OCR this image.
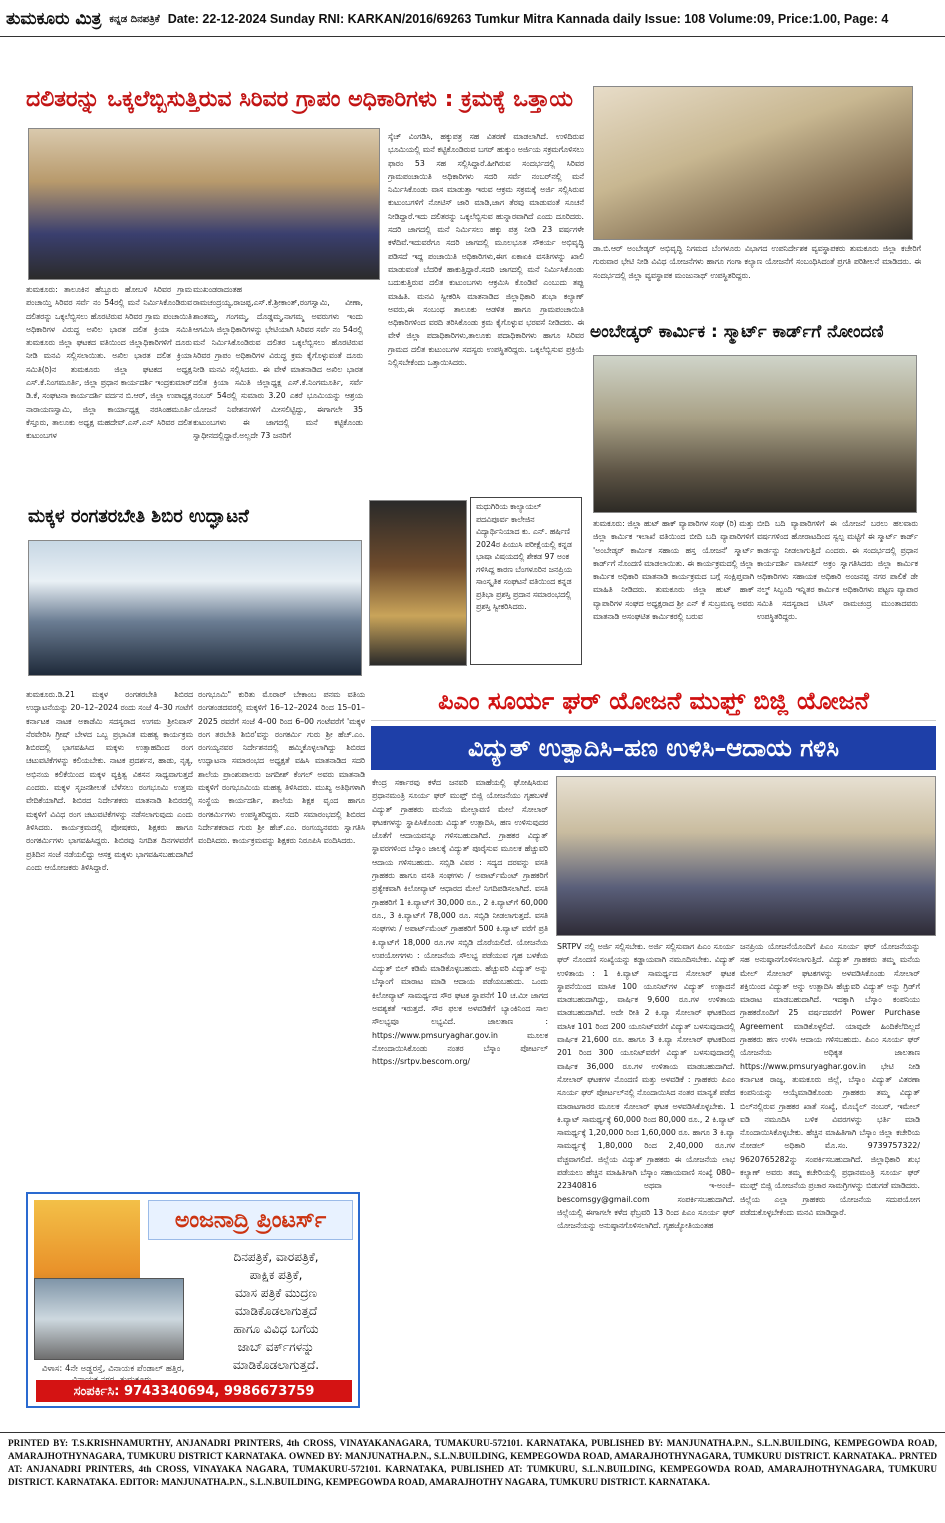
ತುಮಕೂರು ಮಿತ್ರ ಕನ್ನಡ ದಿನಪತ್ರಿಕೆ Date: 22-12-2024 Sunday RNI: KARKAN/2016/69263 Tumkur Mitra Kannada daily Issue: 108 Volume:09, Price:1.00, Page: 4
ದಲಿತರನ್ನು ಒಕ್ಕಲೆಬ್ಬಿಸುತ್ತಿರುವ ಸಿರಿವರ ಗ್ರಾಪಂ ಅಧಿಕಾರಿಗಳು : ಕ್ರಮಕ್ಕೆ ಒತ್ತಾಯ
ತುಮಕೂರು: ತಾಲೂಕಿನ ಹೆಬ್ಬೂರು ಹೋಬಳಿ ಸಿರಿವರ ಗ್ರಾಮ ಪಂಚಾಯ್ತಿ ಸಿರಿವರ ಸರ್ವೆ ನಂ 54ರಲ್ಲಿ ಮನೆ ನಿರ್ಮಿಸಿಕೊಂಡಿರುವ ದಲಿತರನ್ನು ಒಕ್ಕಲೆಬ್ಬಿಸಲು ಹೊರಟಿರುವ ಸಿರಿವರ ಗ್ರಾಮ ಪಂಚಾಯಿತಿ ಅಧಿಕಾರಿಗಳ ವಿರುದ್ಧ ಅಖಿಲ ಭಾರತ ದಲಿತ ಕ್ರಿಯಾ ಸಮಿತಿ ತುಮಕೂರು ಜಿಲ್ಲಾ ಘಟಕದ ವತಿಯಿಂದ ಜಿಲ್ಲಾಧಿಕಾರಿಗಳಿಗೆ ದೂರು ನೀಡಿ ಮನವಿ ಸಲ್ಲಿಸಲಾಯಿತು. ಅಖಿಲ ಭಾರತ ದಲಿತ ಕ್ರಿಯಾ ಸಮಿತಿ(ರಿ)ನ ತುಮಕೂರು ಜಿಲ್ಲಾ ಘಟಕದ ಅಧ್ಯಕ್ಷ ಎಸ್.ಕೆ.ನಿಂಗಮೂರ್ತಿ, ಜಿಲ್ಲಾ ಪ್ರಧಾನ ಕಾರ್ಯದರ್ಶಿ ಇಂದ್ರಕುಮಾರ್ ಡಿ.ಕೆ, ಸಂಘಟನಾ ಕಾರ್ಯದರ್ಶಿ ವರ್ದನ ಬಿ.ಆರ್, ಜಿಲ್ಲಾ ಉಪಾಧ್ಯಕ್ಷ ನಾರಾಯಣಸ್ವಾಮಿ, ಜಿಲ್ಲಾ ಕಾರ್ಯಾಧ್ಯಕ್ಷ ನರಸಿಂಹಮೂರ್ತಿ ಕೆಸ್ತೂರು, ತಾಲೂಕು ಅಧ್ಯಕ್ಷ ಮಹದೇವ್.ಎಸ್.ಎನ್ ಸಿರಿವರ ದಲಿತ ಕುಟುಂಬಗಳ
ಮುಖಂಡರಾದಂತಹ ರಾಮಚಂದ್ರಯ್ಯ,ರಾಜಪ್ಪ,ಎಸ್.ಕೆ.ಶ್ರೀಕಾಂತ್,ರಂಗಸ್ವಾಮಿ, ವೀಣಾ, ಶಾಂತಮ್ಮ, ಗಂಗಮ್ಮ, ದೊಡ್ಡಮ್ಮ,ನಾಗಮ್ಮ ಅವರುಗಳು ಇಂದು ಆಗಮಿಸಿ ಜಿಲ್ಲಾಧಿಕಾರಿಗಳನ್ನು ಭೇಟಿಯಾಗಿ ಸಿರಿವರ ಸರ್ವೆ ನಂ 54ರಲ್ಲಿ ಮನೆ ನಿರ್ಮಿಸಿಕೊಂಡಿರುವ ದಲಿತರ ಒಕ್ಕಲೆಬ್ಬಿಸಲು ಹೊರಟಿರುವ ಸಿರಿವರ ಗ್ರಾಪಂ ಅಧಿಕಾರಿಗಳ ವಿರುದ್ಧ ಕ್ರಮ ಕೈಗೊಳ್ಳುವಂತೆ ದೂರು ನೀಡಿ ಮನವಿ ಸಲ್ಲಿಸಿದರು. ಈ ವೇಳೆ ಮಾತನಾಡಿದ ಅಖಿಲ ಭಾರತ ದಲಿತ ಕ್ರಿಯಾ ಸಮಿತಿ ಜಿಲ್ಲಾಧ್ಯಕ್ಷ ಎಸ್.ಕೆ.ನಿಂಗಮೂರ್ತಿ, ಸರ್ವೆ ನಂಬರ್ 54ರಲ್ಲಿ ಸುಮಾರು 3.20 ಎಕರೆ ಭೂಮಿಯನ್ನು ಆಶ್ರಯ ಯೋಜನೆ ನಿವೇಶನಗಳಿಗೆ ಮೀಸಲಿಟ್ಟಿದ್ದು, ಈಗಾಗಲೇ 35 ಕುಟುಂಬಗಳು ಈ ಜಾಗದಲ್ಲಿ ಮನೆ ಕಟ್ಟಿಕೊಂಡು ಸ್ವಾಧೀನದಲ್ಲಿದ್ದಾರೆ.ಅಲ್ಲದೇ 73 ಜನರಿಗೆ
ಸ್ಕೆಚ್ ವಿಂಗಡಿಸಿ, ಹಕ್ಕುಪತ್ರ ಸಹ ವಿತರಣೆ ಮಾಡಲಾಗಿದೆ. ಉಳಿದಿರುವ ಭೂಮಿಯಲ್ಲಿ ಮನೆ ಕಟ್ಟಿಕೊಂಡಿರುವ ಬಗರ್ ಹುಕ್ಕುಂ ಅರ್ಜಿಯ ಸಕ್ರಮಗೊಳಿಸಲು ಫಾರಂ 53 ಸಹ ಸಲ್ಲಿಸಿದ್ದಾರೆ.ಹೀಗಿರುವ ಸಂದರ್ಭದಲ್ಲಿ ಸಿರಿವರ ಗ್ರಾಮಪಂಚಾಯಿತಿ ಅಧಿಕಾರಿಗಳು ಸದರಿ ಸರ್ವೆ ನಂಬರ್‌ನಲ್ಲಿ ಮನೆ ನಿರ್ಮಿಸಿಕೊಂಡು ವಾಸ ಮಾಡುತ್ತಾ ಇರುವ ಆಕ್ರಮ ಸಕ್ರಮಕ್ಕೆ ಅರ್ಜಿ ಸಲ್ಲಿಸಿರುವ ಕುಟುಂಬಗಳಿಗೆ ನೋಟಿಸ್ ಜಾರಿ ಮಾಡಿ,ಜಾಗ ತೆರವು ಮಾಡುವಂತೆ ಸೂಚನೆ ನೀಡಿದ್ದಾರೆ.ಇದು ದಲಿತರನ್ನು ಒಕ್ಕಲೆಬ್ಬಿಸುವ ಹುನ್ನಾರವಾಗಿದೆ ಎಂದು ದೂರಿದರು. ಸದರಿ ಜಾಗದಲ್ಲಿ ಮನೆ ನಿರ್ಮಿಸಲು ಹಕ್ಕು ಪತ್ರ ನೀಡಿ 23 ವರ್ಷಗಳೇ ಕಳೆದಿವೆ.ಇದುವರೆಗೂ ಸದರಿ ಜಾಗದಲ್ಲಿ ಮೂಲಭೂತ ಸೌಕರ್ಯ ಅಭಿವೃದ್ಧಿ ಪಡಿಸದೆ ಇದ್ದ ಪಂಚಾಯಿತಿ ಅಧಿಕಾರಿಗಳು,ಈಗ ಏಕಾಏಕಿ ವಸತಿಗಳನ್ನು ಖಾಲಿ ಮಾಡುವಂತೆ ಬೆದರಿಕೆ ಹಾಕುತ್ತಿದ್ದಾರೆ.ಸದರಿ ಜಾಗದಲ್ಲಿ ಮನೆ ನಿರ್ಮಿಸಿಕೊಂಡು ಬದುಕುತ್ತಿರುವ ದಲಿತ ಕುಟುಂಬಗಳು ಆಕ್ರಮಿಸಿ ಕೊಂಡಿವೆ ಎಂಬುದು ತಪ್ಪು ಮಾಹಿತಿ. ಮನವಿ ಸ್ವೀಕರಿಸಿ ಮಾತನಾಡಿದ ಜಿಲ್ಲಾಧಿಕಾರಿ ಶುಭಾ ಕಲ್ಯಾಣ್ ಅವರು,ಈ ಸಂಬಂಧ ತಾಲೂಕು ಆಡಳಿತ ಹಾಗೂ ಗ್ರಾಮಪಂಚಾಯಿತಿ ಅಧಿಕಾರಿಗಳಿಂದ ವರದಿ ತರಿಸಿಕೊಂಡು ಕ್ರಮ ಕೈಗೊಳ್ಳುವ ಭರವಸೆ ನೀಡಿದರು. ಈ ವೇಳೆ ಜಿಲ್ಲಾ ಪದಾಧಿಕಾರಿಗಳು,ತಾಲೂಕು ಪದಾಧಿಕಾರಿಗಳು ಹಾಗೂ ಸಿರಿವರ ಗ್ರಾಮದ ದಲಿತ ಕುಟುಂಬಗಳ ಸದಸ್ಯರು ಉಪಸ್ಥಿತರಿದ್ದರು. ಒಕ್ಕಲೆಬ್ಬಿಸುವ ಪ್ರಕ್ರಿಯೆ ನಿಲ್ಲಿಸಬೇಕೆಂದು ಒತ್ತಾಯಿಸಿದರು.
ಡಾ.ಬಿ.ಆರ್ ಅಂಬೇಡ್ಕರ್ ಅಭಿವೃದ್ಧಿ ನಿಗಮದ ಬೆಂಗಳೂರು ವಿಭಾಗದ ಉಪನಿರ್ದೇಶಕ ವ್ಯವಸ್ಥಾಪಕರು ತುಮಕೂರು ಜಿಲ್ಲಾ ಕಚೇರಿಗೆ ಗುರುವಾರ ಭೇಟಿ ನೀಡಿ ವಿವಿಧ ಯೋಜನೆಗಳು ಹಾಗೂ ಗಂಗಾ ಕಲ್ಯಾಣ ಯೋಜನೆಗೆ ಸಂಬಂಧಿಸಿದಂತೆ ಪ್ರಗತಿ ಪರಿಶೀಲನೆ ಮಾಡಿದರು. ಈ ಸಂದರ್ಭದಲ್ಲಿ ಜಿಲ್ಲಾ ವ್ಯವಸ್ಥಾಪಕ ಮಂಜುನಾಥ್ ಉಪಸ್ಥಿತರಿದ್ದರು.
ಅಂಬೇಡ್ಕರ್ ಕಾರ್ಮಿಕ : ಸ್ಮಾರ್ಟ್ ಕಾರ್ಡ್‌ಗೆ ನೋಂದಣಿ
ತುಮಕೂರು: ಜಿಲ್ಲಾ ಹುಟ್ ಹಾಕ್ ವ್ಯಾಪಾರಿಗಳ ಸಂಘ (ರಿ) ಮತ್ತು ಜಿಲ್ಲಾ ಕಾರ್ಮಿಕ ಇಲಾಖೆ ವತಿಯಿಂದ ಬೀದಿ ಬದಿ ವ್ಯಾಪಾರಿಗಳಿಗೆ 'ಅಂಬೇಡ್ಕರ್ ಕಾರ್ಮಿಕ ಸಹಾಯ ಹಸ್ತ ಯೋಜನೆ' ಸ್ಮಾರ್ಟ್ ಕಾರ್ಡ್‌ಗೆ ನೊಂದಣಿ ಮಾಡಲಾಯಿತು. ಈ ಕಾರ್ಯಕ್ರಮದಲ್ಲಿ ಜಿಲ್ಲಾ ಕಾರ್ಮಿಕ ಅಧಿಕಾರಿ ಮಾತನಾಡಿ ಕಾರ್ಯಕ್ರಮದ ಬಗ್ಗೆ ಸಂಕ್ಷಿಪ್ತವಾಗಿ ಮಾಹಿತಿ ನೀಡಿದರು. ತುಮಕೂರು ಜಿಲ್ಲಾ ಹುಟ್ ಹಾಕ್ ವ್ಯಾಪಾರಿಗಳ ಸಂಘದ ಅಧ್ಯಕ್ಷರಾದ ಶ್ರೀ ಎನ್ ಕೆ ಸುಬ್ರಮಣ್ಯ ಅವರು ಮಾತನಾಡಿ ಅಸಂಘಟಿತ ಕಾರ್ಮಿಕರಲ್ಲಿ ಬರುವ
ಬೀದಿ ಬದಿ ವ್ಯಾಪಾರಿಗಳಿಗೆ ಈ ಯೋಜನೆ ಬರಲು ಹಲವಾರು ವರ್ಷಗಳಿಂದ ಹೋರಾಟದಿಂದ ಸ್ವಲ್ಪ ಮಟ್ಟಿಗೆ ಈ ಸ್ಮಾರ್ಟ್ ಕಾರ್ಡ್ ಕಾರ್ಡನ್ನು ನೀಡಲಾಗುತ್ತಿದೆ ಎಂದರು. ಈ ಸಂದರ್ಭದಲ್ಲಿ ಪ್ರಧಾನ ಕಾರ್ಯದರ್ಶಿ ವಾಸೀಮ್ ಅಕ್ರಂ ಸ್ವಾಗತಿಸಿದರು ಜಿಲ್ಲಾ ಕಾರ್ಮಿಕ ಅಧಿಕಾರಿಗಳು ಸಹಾಯಕ ಅಧಿಕಾರಿ ಅಂಜನಪ್ಪ ನಗರ ಪಾಲಿಕೆ ಡೇ ನಲ್ಮ್ ಸಿಬ್ಬಂದಿ ಇನ್ನಿತರ ಕಾರ್ಮಿಕ ಅಧಿಕಾರಿಗಳು ಪಟ್ಟಣ ವ್ಯಾಪಾರ ಸಮಿತಿ ಸದಸ್ಯರಾದ ಟಿಸಿಸ್ ರಾಮಚಂದ್ರ ಮುಂತಾದವರು ಉಪಸ್ಥಿತರಿದ್ದರು.
ಮಕ್ಕಳ ರಂಗತರಬೇತಿ ಶಿಬಿರ ಉದ್ಘಾಟನೆ
ತುಮಕೂರು.ಡಿ.21 ಮಕ್ಕಳ ರಂಗತರಬೇತಿ ಶಿಬಿರದ ಉದ್ಘಾಟನೆಯನ್ನು 20–12–2024 ರಂದು ಸಂಜೆ 4–30 ಗಂಟೆಗೆ ಕರ್ನಾಟಕ ನಾಟಕ ಅಕಾಡೆಮಿ ಸದಸ್ಯರಾದ ಉಗಮ ಶ್ರೀನಿವಾಸ್ ನೆರವೇರಿಸಿ ಗ್ರೀಷ್ ಬೇಳದ ಒಬ್ಬ ಪ್ರಭಾವಿತ ಮಹತ್ವ ಕಾರ್ಯಕ್ರಮ ಶಿಬಿರದಲ್ಲಿ ಭಾಗವಹಿಸಿದ ಮಕ್ಕಳು ಉತ್ಸಾಹದಿಂದ ರಂಗ ಚಟುವಟಿಕೆಗಳನ್ನು ಕಲಿಯಬೇಕು. ನಾಟಕ ಪ್ರದರ್ಶನ, ಹಾಡು, ನೃತ್ಯ, ಅಭಿನಯ ಕಲಿಕೆಯಿಂದ ಮಕ್ಕಳ ವ್ಯಕ್ತಿತ್ವ ವಿಕಸನ ಸಾಧ್ಯವಾಗುತ್ತದೆ ಎಂದರು. ಮಕ್ಕಳ ಸೃಜನಶೀಲತೆ ಬೆಳೆಸಲು ರಂಗಭೂಮಿ ಉತ್ತಮ ವೇದಿಕೆಯಾಗಿದೆ. ಶಿಬಿರದ ನಿರ್ದೇಶಕರು ಮಾತನಾಡಿ ಶಿಬಿರದಲ್ಲಿ ಮಕ್ಕಳಿಗೆ ವಿವಿಧ ರಂಗ ಚಟುವಟಿಕೆಗಳನ್ನು ನಡೆಸಲಾಗುವುದು ಎಂದು ತಿಳಿಸಿದರು. ಕಾರ್ಯಕ್ರಮದಲ್ಲಿ ಪೋಷಕರು, ಶಿಕ್ಷಕರು ಹಾಗೂ ರಂಗಕರ್ಮಿಗಳು ಭಾಗವಹಿಸಿದ್ದರು. ಶಿಬಿರವು ನಿಗದಿತ ದಿನಗಳವರೆಗೆ ಪ್ರತಿದಿನ ಸಂಜೆ ನಡೆಯಲಿದ್ದು ಆಸಕ್ತ ಮಕ್ಕಳು ಭಾಗವಹಿಸಬಹುದಾಗಿದೆ ಎಂದು ಆಯೋಜಕರು ತಿಳಿಸಿದ್ದಾರೆ.
ರಂಗಭೂಮಿ" ಕುರಿತು ಮೊರಾರ್ ಬೇಕಾಂಬ ಪನಮ ವತಿಯ ರಂಗತಂಡದವರಲ್ಲಿ ಮಕ್ಕಳಿಗೆ 16–12–2024 ರಿಂದ 15–01–2025 ರವರೆಗೆ ಸಂಜೆ 4–00 ರಿಂದ 6–00 ಗಂಟೆವರೆಗೆ 'ಮಕ್ಕಳ ರಂಗ ತರಬೇತಿ ಶಿಬಿರ'ವನ್ನು ರಂಗಕರ್ಮಿ ಗುರು ಶ್ರೀ ಹೆಚ್.ಎಂ. ರಂಗಯ್ಯನವರ ನಿರ್ದೇಶನದಲ್ಲಿ ಹಮ್ಮಿಕೊಳ್ಳಲಾಗಿದ್ದು ಶಿಬಿರದ ಉದ್ಘಾಟನಾ ಸಮಾರಂಭದ ಅಧ್ಯಕ್ಷತೆ ವಹಿಸಿ ಮಾತನಾಡಿದ ಸದರಿ ಶಾಲೆಯ ಪ್ರಾಂಶುಪಾಲರು ಜಗದೀಶ್ ಕೆಂಗಲ್ ಅವರು ಮಾತನಾಡಿ ಮಕ್ಕಳಿಗೆ ರಂಗಭೂಮಿಯ ಮಹತ್ವ ತಿಳಿಸಿದರು. ಮುಖ್ಯ ಅತಿಥಿಗಳಾಗಿ ಸಂಸ್ಥೆಯ ಕಾರ್ಯದರ್ಶಿ, ಶಾಲೆಯ ಶಿಕ್ಷಕ ವೃಂದ ಹಾಗೂ ರಂಗಕರ್ಮಿಗಳು ಉಪಸ್ಥಿತರಿದ್ದರು. ಸದರಿ ಸಮಾರಂಭದಲ್ಲಿ ಶಿಬಿರದ ನಿರ್ದೇಶಕರಾದ ಗುರು ಶ್ರೀ ಹೆಚ್.ಎಂ. ರಂಗಯ್ಯನವರು ಸ್ವಾಗತಿಸಿ ವಂದಿಸಿದರು. ಕಾರ್ಯಕ್ರಮವನ್ನು ಶಿಕ್ಷಕರು ನಿರೂಪಿಸಿ ವಂದಿಸಿದರು.
ಮಧುಗಿರಿಯ ಕಾಲ್ಯಾಯಲ್ ಪದವಿಪೂರ್ವ ಕಾಲೇಜಿನ ವಿದ್ಯಾರ್ಥಿನಿಯಾದ ಕು. ಎನ್. ಹರ್ಷಿಣಿ 2024ರ ಪಿಯುಸಿ ಪರೀಕ್ಷೆಯಲ್ಲಿ ಕನ್ನಡ ಭಾಷಾ ವಿಷಯದಲ್ಲಿ ಶೇಕಡ 97 ಅಂಕ ಗಳಿಸಿದ್ದ ಕಾರಣ ಬೆಂಗಳೂರಿನ ಜನಪ್ರಿಯ ಸಾಂಸ್ಕೃತಿಕ ಸಂಘಟನೆ ವತಿಯಿಂದ ಕನ್ನಡ ಪ್ರತಿಭಾ ಪ್ರಶಸ್ತಿ ಪ್ರದಾನ ಸಮಾರಂಭದಲ್ಲಿ ಪ್ರಶಸ್ತಿ ಸ್ವೀಕರಿಸಿದರು.
ಪಿಎಂ ಸೂರ್ಯ ಘರ್ ಯೋಜನೆ ಮುಫ್ತ್ ಬಿಜ್ಲಿ ಯೋಜನೆ
ವಿದ್ಯುತ್ ಉತ್ಪಾದಿಸಿ–ಹಣ ಉಳಿಸಿ–ಆದಾಯ ಗಳಿಸಿ
ಕೇಂದ್ರ ಸರ್ಕಾರವು ಕಳೆದ ಜನವರಿ ಮಾಹೆಯಲ್ಲಿ ಘೋಷಿಸಿರುವ ಪ್ರಧಾನಮಂತ್ರಿ ಸೂರ್ಯ ಘರ್ ಮುಫ್ತ್ ಬಿಜ್ಲಿ ಯೋಜನೆಯು ಗೃಹಬಳಕೆ ವಿದ್ಯುತ್ ಗ್ರಾಹಕರು ಮನೆಯ ಮೇಲ್ಛಾವಣಿ ಮೇಲೆ ಸೋಲಾರ್ ಘಟಕಗಳನ್ನು ಸ್ಥಾಪಿಸಿಕೊಂಡು ವಿದ್ಯುತ್ ಉತ್ಪಾದಿಸಿ, ಹಣ ಉಳಿಸುವುದರ ಜೊತೆಗೆ ಆದಾಯವನ್ನೂ ಗಳಿಸಬಹುದಾಗಿದೆ. ಗ್ರಾಹಕರ ವಿದ್ಯುತ್ ಸ್ಥಾವರಗಳಿಂದ ಬೆಸ್ಕಾಂ ಜಾಲಕ್ಕೆ ವಿದ್ಯುತ್ ಪೂರೈಸುವ ಮೂಲಕ ಹೆಚ್ಚುವರಿ ಆದಾಯ ಗಳಿಸಬಹುದು. ಸಬ್ಸಿಡಿ ವಿವರ : ಸದ್ಯದ ದರವನ್ನು ವಸತಿ ಗ್ರಾಹಕರು ಹಾಗೂ ವಸತಿ ಸಂಘಗಳು / ಅಪಾರ್ಟ್‌ಮೆಂಟ್ ಗ್ರಾಹಕರಿಗೆ ಪ್ರತ್ಯೇಕವಾಗಿ ಕಿಲೋವ್ಯಾಟ್ ಆಧಾರದ ಮೇಲೆ ನಿಗದಿಪಡಿಸಲಾಗಿದೆ. ವಸತಿ ಗ್ರಾಹಕರಿಗೆ 1 ಕಿ.ವ್ಯಾಟ್‌ಗೆ 30,000 ರೂ., 2 ಕಿ.ವ್ಯಾಟ್‌ಗೆ 60,000 ರೂ., 3 ಕಿ.ವ್ಯಾಟ್‌ಗೆ 78,000 ರೂ. ಸಬ್ಸಿಡಿ ನೀಡಲಾಗುತ್ತದೆ. ವಸತಿ ಸಂಘಗಳು / ಅಪಾರ್ಟ್‌ಮೆಂಟ್ ಗ್ರಾಹಕರಿಗೆ 500 ಕಿ.ವ್ಯಾಟ್ ವರೆಗೆ ಪ್ರತಿ ಕಿ.ವ್ಯಾಟ್‌ಗೆ 18,000 ರೂ.ಗಳ ಸಬ್ಸಿಡಿ ದೊರೆಯಲಿದೆ. ಯೋಜನೆಯ ಉಪಯೋಗಗಳು : ಯೋಜನೆಯ ಸೌಲಭ್ಯ ಪಡೆಯುವ ಗೃಹ ಬಳಕೆಯ ವಿದ್ಯುತ್ ಬಿಲ್ ಕಡಿಮೆ ಮಾಡಿಕೊಳ್ಳಬಹುದು. ಹೆಚ್ಚುವರಿ ವಿದ್ಯುತ್ ಅನ್ನು ಬೆಸ್ಕಾಂಗೆ ಮಾರಾಟ ಮಾಡಿ ಆದಾಯ ಪಡೆಯಬಹುದು. ಒಂದು ಕಿಲೋವ್ಯಾಟ್ ಸಾಮರ್ಥ್ಯದ ಸೌರ ಘಟಕ ಸ್ಥಾಪನೆಗೆ 10 ಚ.ಮೀ ಜಾಗದ ಅವಶ್ಯಕತೆ ಇರುತ್ತದೆ. ಸೌರ ಫಲಕ ಅಳವಡಿಕೆಗೆ ಬ್ಯಾಂಕಿನಿಂದ ಸಾಲ ಸೌಲಭ್ಯವೂ ಲಭ್ಯವಿದೆ. ಜಾಲತಾಣ : https://www.pmsuryaghar.gov.in ಮೂಲಕ ನೋಂದಾಯಿಸಿಕೊಂಡು ನಂತರ ಬೆಸ್ಕಾಂ ಪೋರ್ಟಲ್ https://srtpv.bescom.org/
SRTPV ನಲ್ಲಿ ಅರ್ಜಿ ಸಲ್ಲಿಸಬೇಕು. ಅರ್ಜಿ ಸಲ್ಲಿಸುವಾಗ ಪಿಎಂ ಸೂರ್ಯ ಘರ್ ನೊಂದಣಿ ಸಂಖ್ಯೆಯನ್ನು ಕಡ್ಡಾಯವಾಗಿ ನಮೂದಿಸಬೇಕು. ವಿದ್ಯುತ್ ಉಳಿತಾಯ : 1 ಕಿ.ವ್ಯಾಟ್ ಸಾಮರ್ಥ್ಯದ ಸೋಲಾರ್ ಘಟಕ ಸ್ಥಾಪನೆಯಿಂದ ಮಾಸಿಕ 100 ಯೂನಿಟ್‌ಗಳ ವಿದ್ಯುತ್ ಉತ್ಪಾದನೆ ಮಾಡಬಹುದಾಗಿದ್ದು, ವಾರ್ಷಿಕ 9,600 ರೂ.ಗಳ ಉಳಿತಾಯ ಮಾಡಬಹುದಾಗಿದೆ. ಅದೇ ರೀತಿ 2 ಕಿ.ವ್ಯಾ ಸೋಲಾರ್ ಘಟಕದಿಂದ ಮಾಸಿಕ 101 ರಿಂದ 200 ಯೂನಿಟ್‌ವರೆಗೆ ವಿದ್ಯುತ್ ಬಳಸುವುದಾದಲ್ಲಿ ವಾರ್ಷಿಕ 21,600 ರೂ. ಹಾಗೂ 3 ಕಿ.ವ್ಯಾ ಸೋಲಾರ್ ಘಟಕದಿಂದ 201 ರಿಂದ 300 ಯೂನಿಟ್‌ವರೆಗೆ ವಿದ್ಯುತ್ ಬಳಸುವುದಾದಲ್ಲಿ ವಾರ್ಷಿಕ 36,000 ರೂ.ಗಳ ಉಳಿತಾಯ ಮಾಡಬಹುದಾಗಿದೆ. ಸೋಲಾರ್ ಘಟಕಗಳ ನೊಂದಣಿ ಮತ್ತು ಅಳವಡಿಕೆ : ಗ್ರಾಹಕರು ಪಿಎಂ ಸೂರ್ಯ ಘರ್ ಪೋರ್ಟಲ್‌ನಲ್ಲಿ ನೊಂದಾಯಿಸಿದ ನಂತರ ಮಾನ್ಯತೆ ಪಡೆದ ಮಾರಾಟಗಾರರ ಮೂಲಕ ಸೋಲಾರ್ ಘಟಕ ಅಳವಡಿಸಿಕೊಳ್ಳಬೇಕು. 1 ಕಿ.ವ್ಯಾಟ್ ಸಾಮರ್ಥ್ಯಕ್ಕೆ 60,000 ರಿಂದ 80,000 ರೂ., 2 ಕಿ.ವ್ಯಾಟ್ ಸಾಮರ್ಥ್ಯಕ್ಕೆ 1,20,000 ರಿಂದ 1,60,000 ರೂ. ಹಾಗೂ 3 ಕಿ.ವ್ಯಾ ಸಾಮರ್ಥ್ಯಕ್ಕೆ 1,80,000 ರಿಂದ 2,40,000 ರೂ.ಗಳ ವೆಚ್ಚವಾಗಲಿದೆ. ಜಿಲ್ಲೆಯ ವಿದ್ಯುತ್ ಗ್ರಾಹಕರು ಈ ಯೋಜನೆಯ ಲಾಭ ಪಡೆಯಲು ಹೆಚ್ಚಿನ ಮಾಹಿತಿಗಾಗಿ ಬೆಸ್ಕಾಂ ಸಹಾಯವಾಣಿ ಸಂಖ್ಯೆ 080–22340816 ಅಥವಾ ಇ-ಅಂಚೆ– bescomsgy@gmail.com ಸಂಪರ್ಕಿಸಬಹುದಾಗಿದೆ. ಜಿಲ್ಲೆಯಲ್ಲಿ ಈಗಾಗಲೇ ಕಳೆದ ಫೆಬ್ರವರಿ 13 ರಿಂದ ಪಿಎಂ ಸೂರ್ಯ ಘರ್ ಯೋಜನೆಯನ್ನು ಅನುಷ್ಠಾನಗೊಳಿಸಲಾಗಿದೆ. ಗೃಹಜ್ಯೋತಿಯಂತಹ
ಜನಪ್ರಿಯ ಯೋಜನೆಯೊಂದಿಗೆ ಪಿಎಂ ಸೂರ್ಯ ಘರ್ ಯೋಜನೆಯನ್ನು ಸಹ ಅನುಷ್ಠಾನಗೊಳಿಸಲಾಗುತ್ತಿದೆ. ವಿದ್ಯುತ್ ಗ್ರಾಹಕರು ತಮ್ಮ ಮನೆಯ ಮೇಲ್ ಸೋಲಾರ್ ಘಟಕಗಳನ್ನು ಅಳವಡಿಸಿಕೊಂಡು ಸೋಲಾರ್ ಶಕ್ತಿಯಿಂದ ವಿದ್ಯುತ್ ಅನ್ನು ಉತ್ಪಾದಿಸಿ ಹೆಚ್ಚುವರಿ ವಿದ್ಯುತ್ ಅನ್ನು ಗ್ರಿಡ್‌ಗೆ ಮಾರಾಟ ಮಾಡಬಹುದಾಗಿದೆ. ಇದಕ್ಕಾಗಿ ಬೆಸ್ಕಾಂ ಕಂಪನಿಯು ಗ್ರಾಹಕರೊಂದಿಗೆ 25 ವರ್ಷದವರೆಗೆ Power Purchase Agreement ಮಾಡಿಕೊಳ್ಳಲಿದೆ. ಯಾವುದೇ ಹಿಂದಿಕೆಲೆದಿಲ್ಲದೆ ಗ್ರಾಹಕರು ಹಣ ಉಳಿಸಿ ಆದಾಯ ಗಳಿಸಬಹುದು. ಪಿಎಂ ಸೂರ್ಯ ಘರ್ ಯೋಜನೆಯ ಅಧಿಕೃತ ಜಾಲತಾಣ https://www.pmsuryaghar.gov.in ಭೇಟಿ ನೀಡಿ ಕರ್ನಾಟಕ ರಾಜ್ಯ, ತುಮಕೂರು ಜಿಲ್ಲೆ, ಬೆಸ್ಕಾಂ ವಿದ್ಯುತ್ ವಿತರಣಾ ಕಂಪನಿಯನ್ನು ಆಯ್ಕೆಮಾಡಿಕೊಂಡು ಗ್ರಾಹಕರು ತಮ್ಮ ವಿದ್ಯುತ್ ಬಿಲ್‌ನಲ್ಲಿರುವ ಗ್ರಾಹಕರ ಖಾತೆ ಸಂಖ್ಯೆ, ಮೊಬೈಲ್ ನಂಬರ್, ಇಮೇಲ್ ಐಡಿ ನಮೂದಿಸಿ ಬಳಿಕ ವಿವರಗಳನ್ನು ಭರ್ತಿ ಮಾಡಿ ನೊಂದಾಯಿಸಿಕೊಳ್ಳಬೇಕು. ಹೆಚ್ಚಿನ ಮಾಹಿತಿಗಾಗಿ ಬೆಸ್ಕಾಂ ಜಿಲ್ಲಾ ಕಚೇರಿಯ ನೋಡಲ್ ಅಧಿಕಾರಿ ಮೊ.ಸಂ. 9739757322/ 9620765282ನ್ನು ಸಂಪರ್ಕಿಸಬಹುದಾಗಿದೆ. ಜಿಲ್ಲಾಧಿಕಾರಿ ಶುಭ ಕಲ್ಯಾಣ್ ಅವರು ತಮ್ಮ ಕಚೇರಿಯಲ್ಲಿ ಪ್ರಧಾನಮಂತ್ರಿ ಸೂರ್ಯ ಘರ್ ಮುಫ್ತ್ ಬಿಜ್ಲಿ ಯೋಜನೆಯ ಪ್ರಚಾರ ಸಾಮಗ್ರಿಗಳನ್ನು ಬಿಡುಗಡೆ ಮಾಡಿದರು. ಜಿಲ್ಲೆಯ ಎಲ್ಲಾ ಗ್ರಾಹಕರು ಯೋಜನೆಯ ಸದುಪಯೋಗ ಪಡೆದುಕೊಳ್ಳಬೇಕೆಂದು ಮನವಿ ಮಾಡಿದ್ದಾರೆ.
ಅಂಜನಾದ್ರಿ ಪ್ರಿಂಟರ್ಸ್
ದಿನಪತ್ರಿಕೆ, ವಾರಪತ್ರಿಕೆ,
ಪಾಕ್ಷಿಕ ಪತ್ರಿಕೆ,
ಮಾಸ ಪತ್ರಿಕೆ ಮುದ್ರಣ
ಮಾಡಿಕೊಡಲಾಗುತ್ತದೆ
ಹಾಗೂ ವಿವಿಧ ಬಗೆಯ
ಜಾಬ್ ವರ್ಕ್‌ಗಳನ್ನು
ಮಾಡಿಕೊಡಲಾಗುತ್ತದೆ.
ವಿಳಾಸ: 4ನೇ ಅಡ್ಡರಸ್ತೆ, ವಿನಾಯಕ ಪೆಂಡಾಲ್ ಹತ್ತಿರ,
ಸಂಪರ್ಕಿಸಿ: 9743340694, 9986673759
PRINTED BY: T.S.KRISHNAMURTHY, ANJANADRI PRINTERS, 4th CROSS, VINAYAKANAGARA, TUMAKURU-572101. KARNATAKA, PUBLISHED BY: MANJUNATHA.P.N., S.L.N.BUILDING, KEMPEGOWDA ROAD, AMARAJHOTHYNAGARA, TUMKURU DISTRICT KARNATAKA. OWNED BY: MANJUNATHA.P.N., S.L.N.BUILDING, KEMPEGOWDA ROAD, AMARAJHOTHYNAGARA, TUMKURU DISTRICT. KARNATAKA.. PRNTED AT: ANJANADRI PRINTERS, 4th CROSS, VINAYAKA NAGARA, TUMAKURU-572101. KARNATAKA, PUBLISHED AT: TUMKURU, S.L.N.BUILDING, KEMPEGOWDA ROAD, AMARAJHOTHYNAGARA, TUMKURU DISTRICT. KARNATAKA. EDITOR: MANJUNATHA.P.N., S.L.N.BUILDING, KEMPEGOWDA ROAD, AMARAJHOTHY NAGARA, TUMKURU DISTRICT. KARNATAKA.
